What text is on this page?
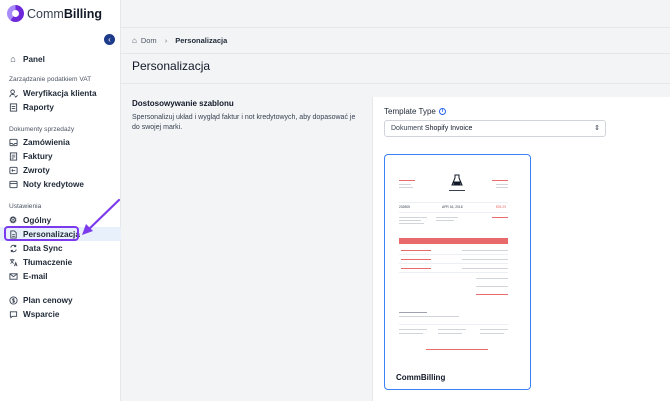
CommBilling
‹
⌂ Panel
Zarządzanie podatkiem VAT
Weryfikacja klienta
Raporty
Dokumenty sprzedaży
Zamówienia
Faktury
Zwroty
Noty kredytowe
Ustawienia
⚙ Ogólny
Personalizacja
Data Sync
Tłumaczenie
E-mail
Plan cenowy
Wsparcie
⌂ Dom › Personalizacja
Personalizacja
Dostosowywanie szablonu
Spersonalizuj układ i wygląd faktur i not kredytowych, aby dopasować je do swojej marki.
Template Type	i
Dokument Shopify Invoice	⇕
202805	APR 16, 2018	$94.29
CommBilling
